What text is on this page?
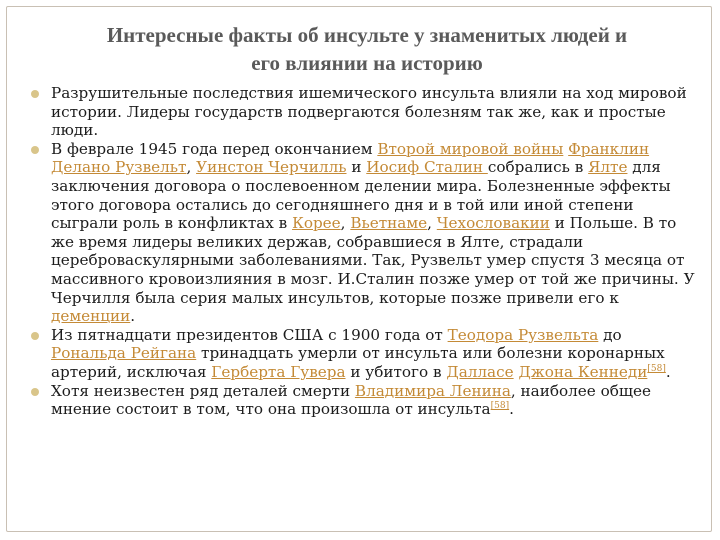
Интересные факты об инсульте у знаменитых людей и
его влиянии на историю
Разрушительные последствия ишемического инсульта влияли на ход мировой истории. Лидеры государств подвергаются болезням так же, как и простые люди.
В феврале 1945 года перед окончанием Второй мировой войны Франклин Делано Рузвельт, Уинстон Черчилль и Иосиф Сталин собрались в Ялте для заключения договора о послевоенном делении мира. Болезненные эффекты этого договора остались до сегодняшнего дня и в той или иной степени сыграли роль в конфликтах в Корее, Вьетнаме, Чехословакии и Польше. В то же время лидеры великих держав, собравшиеся в Ялте, страдали цереброваскулярными заболеваниями. Так, Рузвельт умер спустя 3 месяца от массивного кровоизлияния в мозг. И.Сталин позже умер от той же причины. У Черчилля была серия малых инсультов, которые позже привели его к деменции.
Из пятнадцати президентов США с 1900 года от Теодора Рузвельта до Рональда Рейгана тринадцать умерли от инсульта или болезни коронарных артерий, исключая Герберта Гувера и убитого в Далласе Джона Кеннеди[58].
Хотя неизвестен ряд деталей смерти Владимира Ленина, наиболее общее мнение состоит в том, что она произошла от инсульта[58].
